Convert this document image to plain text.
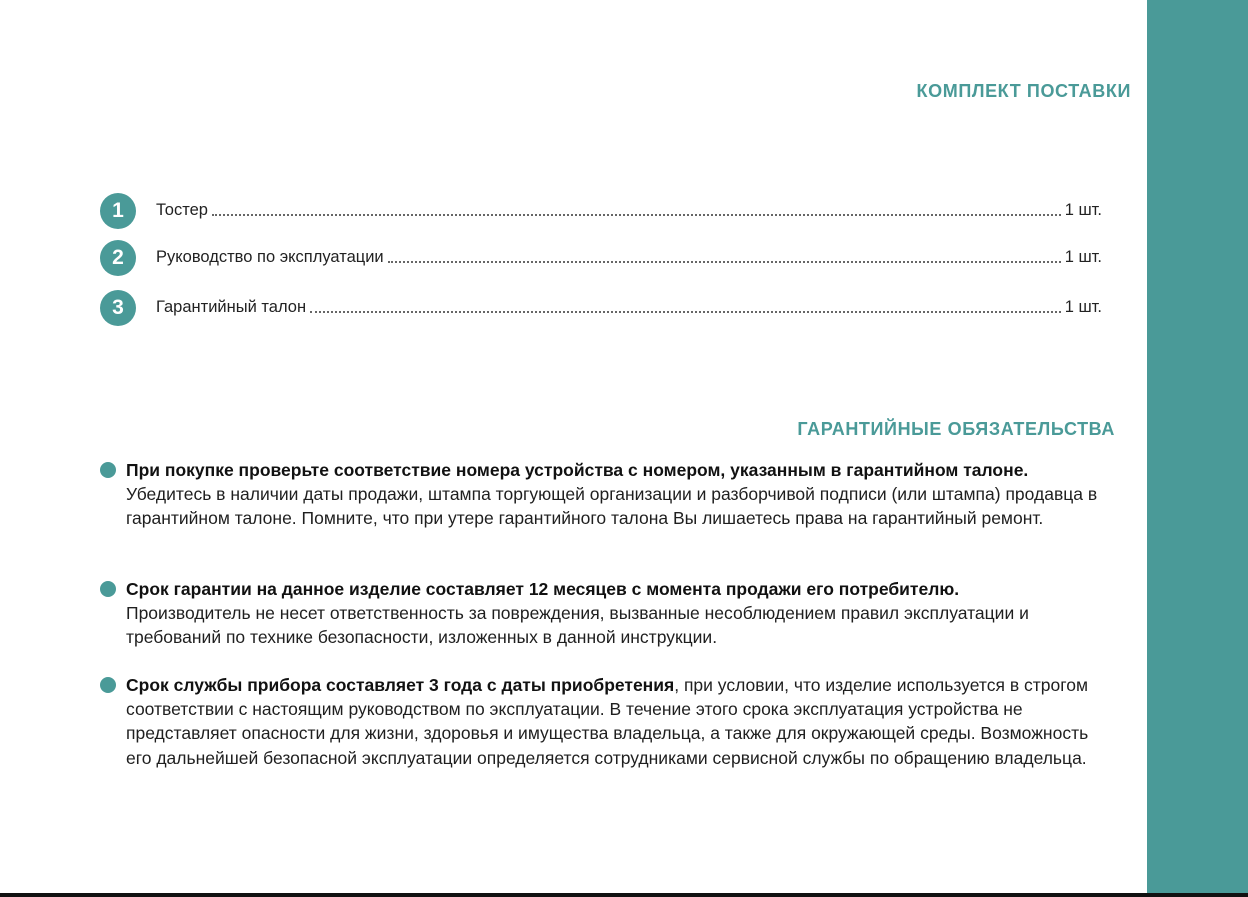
КОМПЛЕКТ ПОСТАВКИ
1	Тостер	1 шт.
2	Руководство по эксплуатации	1 шт.
3	Гарантийный талон	1 шт.
ГАРАНТИЙНЫЕ ОБЯЗАТЕЛЬСТВА
При покупке проверьте соответствие номера устройства с номером, указанным в гарантийном талоне.
Убедитесь в наличии даты продажи, штампа торгующей организации и разборчивой подписи (или штампа) продавца в гарантийном талоне. Помните, что при утере гарантийного талона Вы лишаетесь права на гарантийный ремонт.
Срок гарантии на данное изделие составляет 12 месяцев с момента продажи его потребителю.
Производитель не несет ответственность за повреждения, вызванные несоблюдением правил эксплуатации и требований по технике безопасности, изложенных в данной инструкции.
Срок службы прибора составляет 3 года с даты приобретения, при условии, что изделие используется в строгом соответствии с настоящим руководством по эксплуатации. В течение этого срока эксплуатация устройства не представляет опасности для жизни, здоровья и имущества владельца, а также для окружающей среды. Возможность его дальнейшей безопасной эксплуатации определяется сотрудниками сервисной службы по обращению владельца.
